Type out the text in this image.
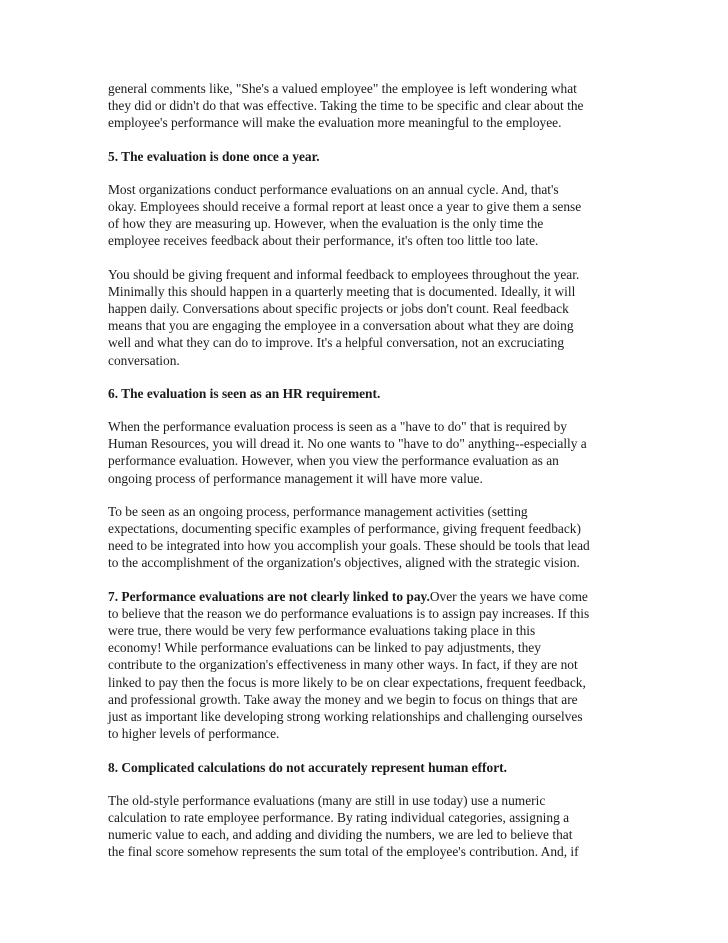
general comments like, "She's a valued employee" the employee is left wondering what
they did or didn't do that was effective. Taking the time to be specific and clear about the
employee's performance will make the evaluation more meaningful to the employee.

5. The evaluation is done once a year.

Most organizations conduct performance evaluations on an annual cycle. And, that's
okay. Employees should receive a formal report at least once a year to give them a sense
of how they are measuring up. However, when the evaluation is the only time the
employee receives feedback about their performance, it's often too little too late.

You should be giving frequent and informal feedback to employees throughout the year.
Minimally this should happen in a quarterly meeting that is documented. Ideally, it will
happen daily. Conversations about specific projects or jobs don't count. Real feedback
means that you are engaging the employee in a conversation about what they are doing
well and what they can do to improve. It's a helpful conversation, not an excruciating
conversation.

6. The evaluation is seen as an HR requirement.

When the performance evaluation process is seen as a "have to do" that is required by
Human Resources, you will dread it. No one wants to "have to do" anything--especially a
performance evaluation. However, when you view the performance evaluation as an
ongoing process of performance management it will have more value.

To be seen as an ongoing process, performance management activities (setting
expectations, documenting specific examples of performance, giving frequent feedback)
need to be integrated into how you accomplish your goals. These should be tools that lead
to the accomplishment of the organization's objectives, aligned with the strategic vision.

7. Performance evaluations are not clearly linked to pay.Over the years we have come
to believe that the reason we do performance evaluations is to assign pay increases. If this
were true, there would be very few performance evaluations taking place in this
economy! While performance evaluations can be linked to pay adjustments, they
contribute to the organization's effectiveness in many other ways. In fact, if they are not
linked to pay then the focus is more likely to be on clear expectations, frequent feedback,
and professional growth. Take away the money and we begin to focus on things that are
just as important like developing strong working relationships and challenging ourselves
to higher levels of performance.

8. Complicated calculations do not accurately represent human effort.

The old-style performance evaluations (many are still in use today) use a numeric
calculation to rate employee performance. By rating individual categories, assigning a
numeric value to each, and adding and dividing the numbers, we are led to believe that
the final score somehow represents the sum total of the employee's contribution. And, if
